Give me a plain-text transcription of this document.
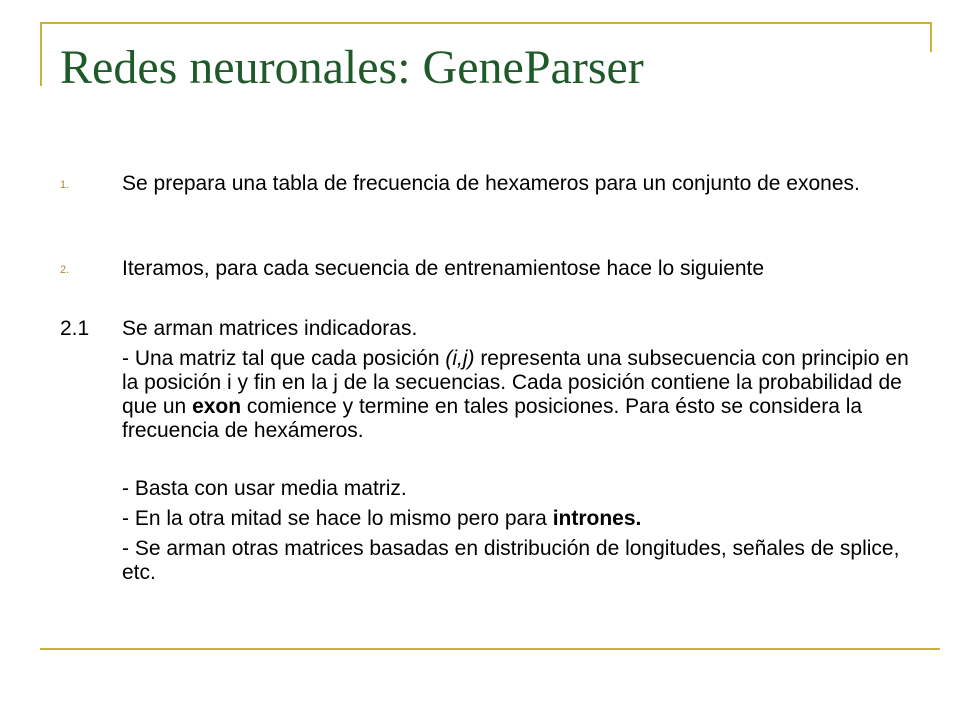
Redes neuronales: GeneParser
1.	Se prepara una tabla de frecuencia de hexameros para un conjunto de exones.

2.	Iteramos, para cada secuencia de entrenamientose hace lo siguiente

2.1 Se arman matrices indicadoras.

- Una matriz tal que cada posición (i,j) representa una subsecuencia con principio en la posición i y fin en la j de la secuencias. Cada posición contiene la probabilidad de que un exon comience y termine en tales posiciones. Para ésto se considera la frecuencia de hexámeros.

- Basta con usar media matriz.

- En la otra mitad se hace lo mismo pero para intrones.

- Se arman otras matrices basadas en distribución de longitudes, señales de splice, etc.
